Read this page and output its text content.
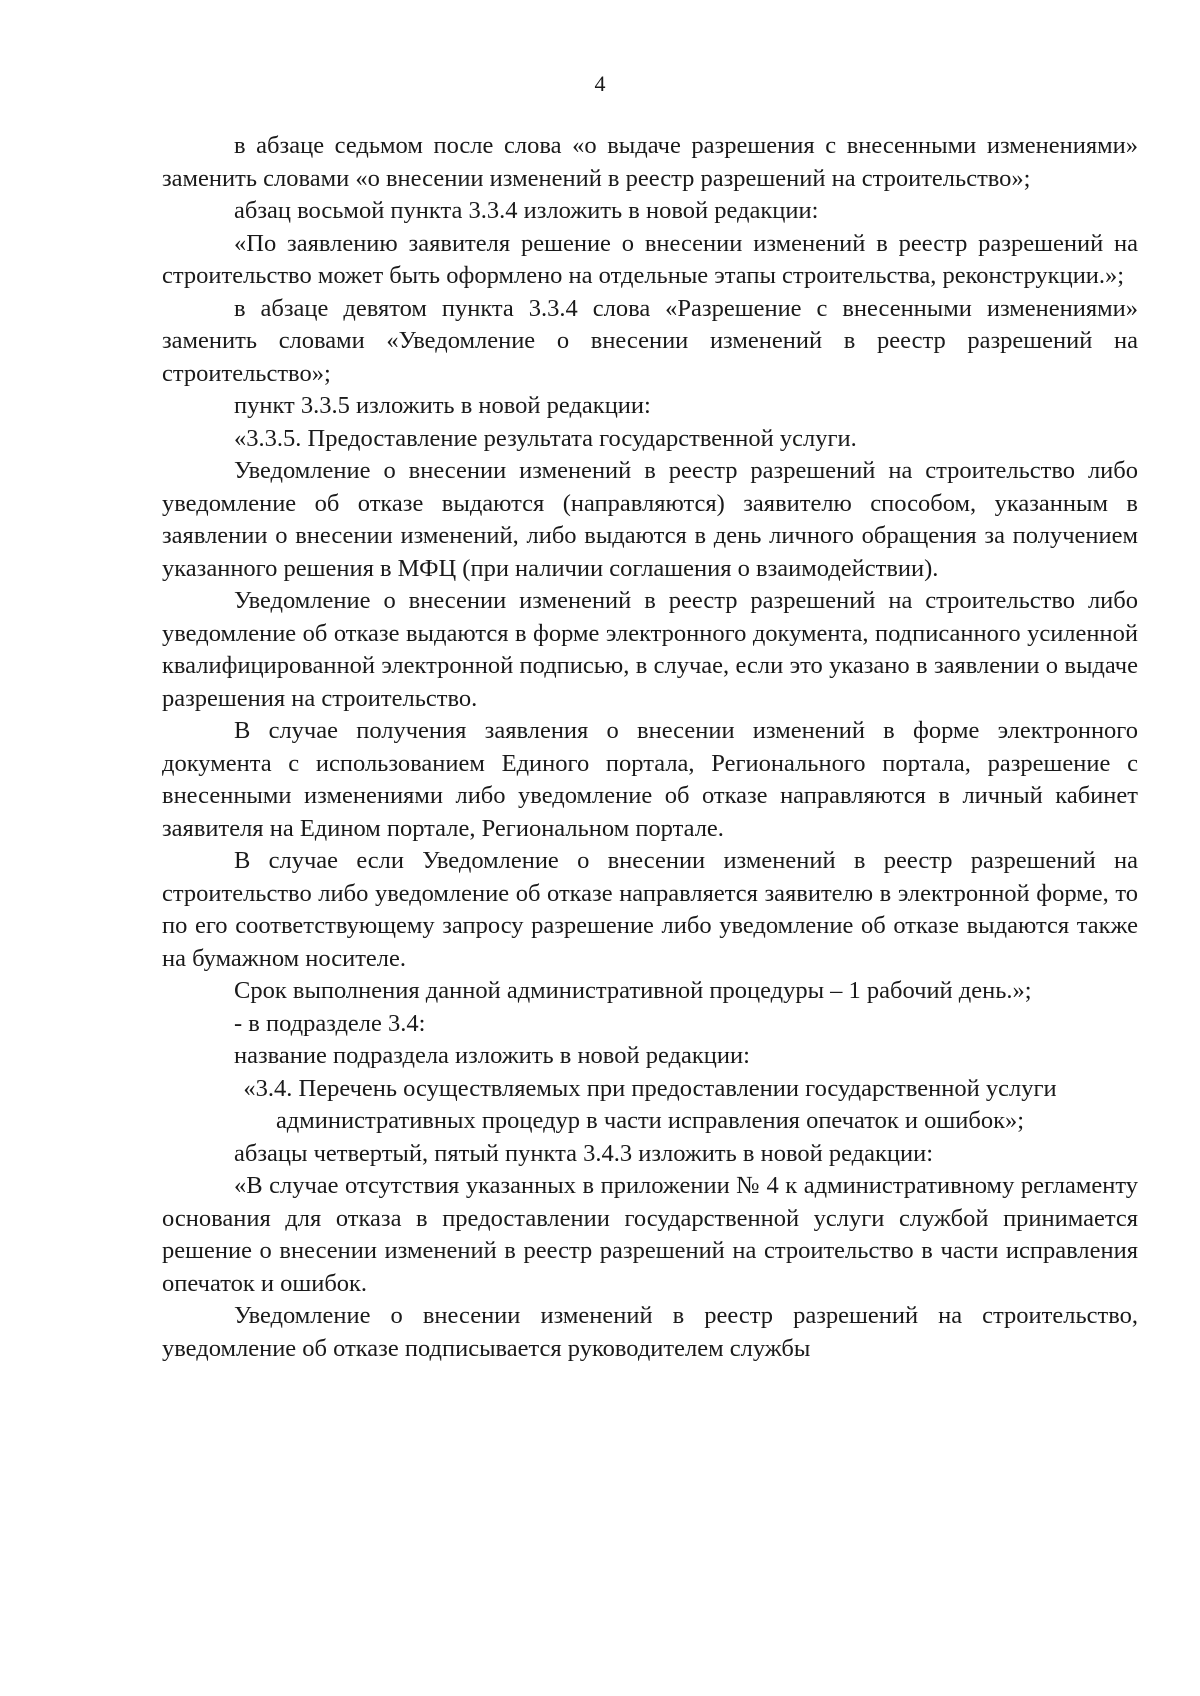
4

в абзаце седьмом после слова «о выдаче разрешения с внесенными изменениями» заменить словами «о внесении изменений в реестр разрешений на строительство»;

абзац восьмой пункта 3.3.4 изложить в новой редакции:

«По заявлению заявителя решение о внесении изменений в реестр разрешений на строительство может быть оформлено на отдельные этапы строительства, реконструкции.»;

в абзаце девятом пункта 3.3.4 слова «Разрешение с внесенными изменениями» заменить словами «Уведомление о внесении изменений в реестр разрешений на строительство»;

пункт 3.3.5 изложить в новой редакции:

«3.3.5. Предоставление результата государственной услуги.

Уведомление о внесении изменений в реестр разрешений на строительство либо уведомление об отказе выдаются (направляются) заявителю способом, указанным в заявлении о внесении изменений, либо выдаются в день личного обращения за получением указанного решения в МФЦ (при наличии соглашения о взаимодействии).

Уведомление о внесении изменений в реестр разрешений на строительство либо уведомление об отказе выдаются в форме электронного документа, подписанного усиленной квалифицированной электронной подписью, в случае, если это указано в заявлении о выдаче разрешения на строительство.

В случае получения заявления о внесении изменений в форме электронного документа с использованием Единого портала, Регионального портала, разрешение с внесенными изменениями либо уведомление об отказе направляются в личный кабинет заявителя на Едином портале, Региональном портале.

В случае если Уведомление о внесении изменений в реестр разрешений на строительство либо уведомление об отказе направляется заявителю в электронной форме, то по его соответствующему запросу разрешение либо уведомление об отказе выдаются также на бумажном носителе.

Срок выполнения данной административной процедуры – 1 рабочий день.»;

- в подразделе 3.4:

название подраздела изложить в новой редакции:

«3.4. Перечень осуществляемых при предоставлении государственной услуги административных процедур в части исправления опечаток и ошибок»;

абзацы четвертый, пятый пункта 3.4.3 изложить в новой редакции:

«В случае отсутствия указанных в приложении № 4 к административному регламенту основания для отказа в предоставлении государственной услуги службой принимается решение о внесении изменений в реестр разрешений на строительство в части исправления опечаток и ошибок.

Уведомление о внесении изменений в реестр разрешений на строительство, уведомление об отказе подписывается руководителем службы
